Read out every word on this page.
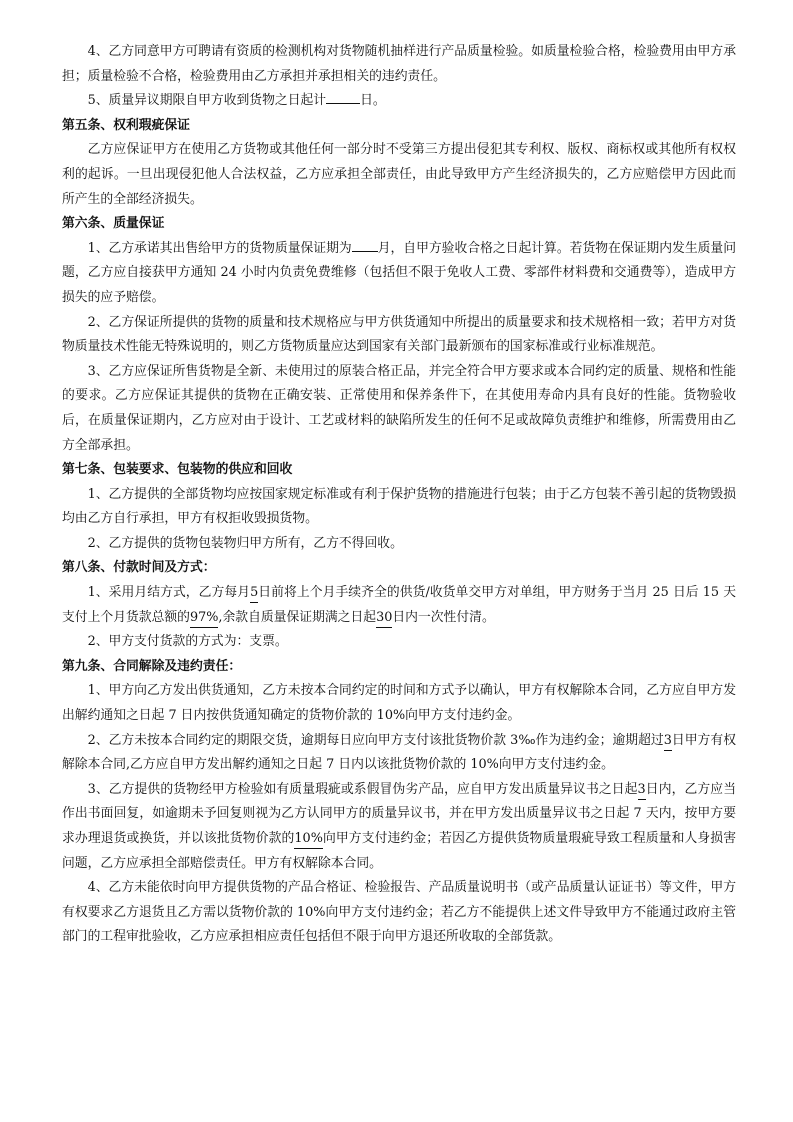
4、乙方同意甲方可聘请有资质的检测机构对货物随机抽样进行产品质量检验。如质量检验合格，检验费用由甲方承担；质量检验不合格，检验费用由乙方承担并承担相关的违约责任。

5、质量异议期限自甲方收到货物之日起计	日。

第五条、权利瑕疵保证

乙方应保证甲方在使用乙方货物或其他任何一部分时不受第三方提出侵犯其专利权、版权、商标权或其他所有权权利的起诉。一旦出现侵犯他人合法权益，乙方应承担全部责任，由此导致甲方产生经济损失的，乙方应赔偿甲方因此而所产生的全部经济损失。

第六条、质量保证

1、乙方承诺其出售给甲方的货物质量保证期为 月，自甲方验收合格之日起计算。若货物在保证期内发生质量问题，乙方应自接获甲方通知 24 小时内负责免费维修（包括但不限于免收人工费、零部件材料费和交通费等），造成甲方损失的应予赔偿。

2、乙方保证所提供的货物的质量和技术规格应与甲方供货通知中所提出的质量要求和技术规格相一致；若甲方对货物质量技术性能无特殊说明的，则乙方货物质量应达到国家有关部门最新颁布的国家标准或行业标准规范。

3、乙方应保证所售货物是全新、未使用过的原装合格正品，并完全符合甲方要求或本合同约定的质量、规格和性能的要求。乙方应保证其提供的货物在正确安装、正常使用和保养条件下，在其使用寿命内具有良好的性能。货物验收后，在质量保证期内，乙方应对由于设计、工艺或材料的缺陷所发生的任何不足或故障负责维护和维修，所需费用由乙方全部承担。

第七条、包装要求、包装物的供应和回收

1、乙方提供的全部货物均应按国家规定标准或有利于保护货物的措施进行包装；由于乙方包装不善引起的货物毁损均由乙方自行承担，甲方有权拒收毁损货物。

2、乙方提供的货物包装物归甲方所有，乙方不得回收。

第八条、付款时间及方式：

1、采用月结方式，乙方每月5日前将上个月手续齐全的供货/收货单交甲方对单组，甲方财务于当月 25 日后 15 天支付上个月货款总额的97%,余款自质量保证期满之日起30日内一次性付清。

2、甲方支付货款的方式为：支票。

第九条、合同解除及违约责任：

1、甲方向乙方发出供货通知，乙方未按本合同约定的时间和方式予以确认，甲方有权解除本合同，乙方应自甲方发出解约通知之日起 7 日内按供货通知确定的货物价款的 10%向甲方支付违约金。

2、乙方未按本合同约定的期限交货，逾期每日应向甲方支付该批货物价款 3‰作为违约金；逾期超过3日甲方有权解除本合同,乙方应自甲方发出解约通知之日起 7 日内以该批货物价款的 10%向甲方支付违约金。

3、乙方提供的货物经甲方检验如有质量瑕疵或系假冒伪劣产品，应自甲方发出质量异议书之日起3日内，乙方应当作出书面回复，如逾期未予回复则视为乙方认同甲方的质量异议书，并在甲方发出质量异议书之日起 7 天内，按甲方要求办理退货或换货，并以该批货物价款的10%向甲方支付违约金；若因乙方提供货物质量瑕疵导致工程质量和人身损害问题，乙方应承担全部赔偿责任。甲方有权解除本合同。

4、乙方未能依时向甲方提供货物的产品合格证、检验报告、产品质量说明书（或产品质量认证证书）等文件，甲方有权要求乙方退货且乙方需以货物价款的 10%向甲方支付违约金；若乙方不能提供上述文件导致甲方不能通过政府主管部门的工程审批验收，乙方应承担相应责任包括但不限于向甲方退还所收取的全部货款。
